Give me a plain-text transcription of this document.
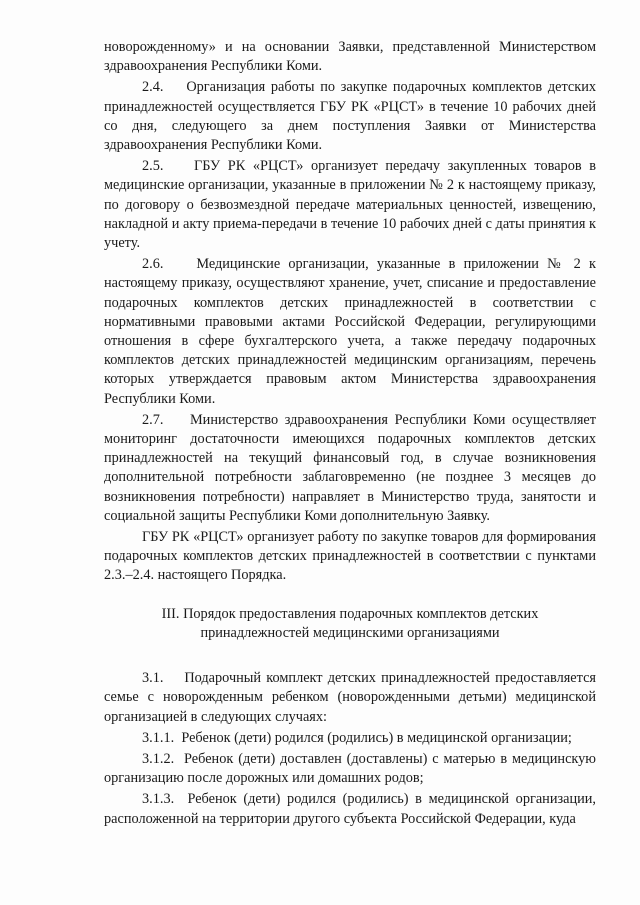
новорожденному» и на основании Заявки, представленной Министерством здравоохранения Республики Коми.

2.4.    Организация работы по закупке подарочных комплектов детских принадлежностей осуществляется ГБУ РК «РЦСТ» в течение 10 рабочих дней со дня, следующего за днем поступления Заявки от Министерства здравоохранения Республики Коми.

2.5.    ГБУ РК «РЦСТ» организует передачу закупленных товаров в медицинские организации, указанные в приложении № 2 к настоящему приказу, по договору о безвозмездной передаче материальных ценностей, извещению, накладной и акту приема-передачи в течение 10 рабочих дней с даты принятия к учету.

2.6.    Медицинские организации, указанные в приложении № 2 к настоящему приказу, осуществляют хранение, учет, списание и предоставление подарочных комплектов детских принадлежностей в соответствии с нормативными правовыми актами Российской Федерации, регулирующими отношения в сфере бухгалтерского учета, а также передачу подарочных комплектов детских принадлежностей медицинским организациям, перечень которых утверждается правовым актом Министерства здравоохранения Республики Коми.

2.7.    Министерство здравоохранения Республики Коми осуществляет мониторинг достаточности имеющихся подарочных комплектов детских принадлежностей на текущий финансовый год, в случае возникновения дополнительной потребности заблаговременно (не позднее 3 месяцев до возникновения потребности) направляет в Министерство труда, занятости и социальной защиты Республики Коми дополнительную Заявку.

ГБУ РК «РЦСТ» организует работу по закупке товаров для формирования подарочных комплектов детских принадлежностей в соответствии с пунктами 2.3.–2.4. настоящего Порядка.

III. Порядок предоставления подарочных комплектов детских принадлежностей медицинскими организациями

3.1.    Подарочный комплект детских принадлежностей предоставляется семье с новорожденным ребенком (новорожденными детьми) медицинской организацией в следующих случаях:

3.1.1.  Ребенок (дети) родился (родились) в медицинской организации;

3.1.2.  Ребенок (дети) доставлен (доставлены) с матерью в медицинскую организацию после дорожных или домашних родов;

3.1.3.  Ребенок (дети) родился (родились) в медицинской организации, расположенной на территории другого субъекта Российской Федерации, куда
